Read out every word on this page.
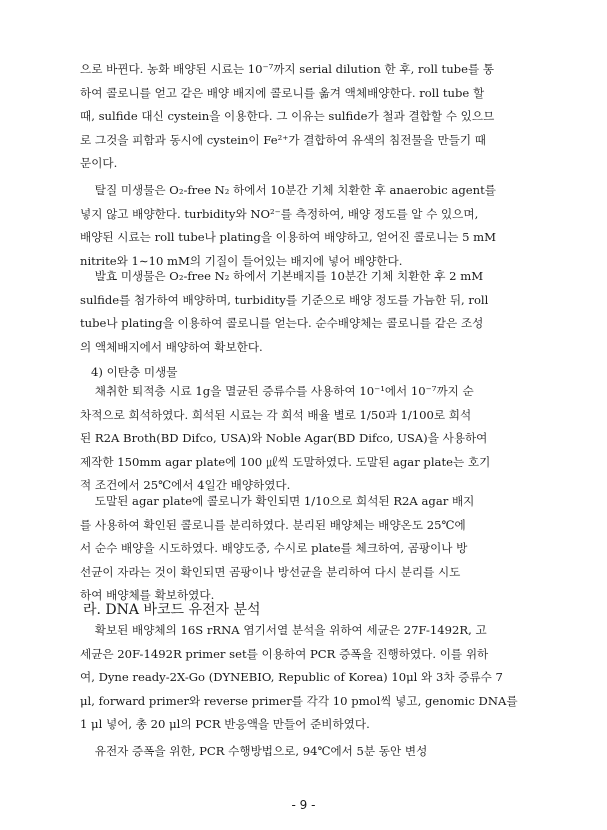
으로 바뀐다. 농화 배양된 시료는 10⁻⁷까지 serial dilution 한 후, roll tube를 통
하여 콜로니를 얻고 같은 배양 배지에 콜로니를 옮겨 액체배양한다. roll tube 할
때, sulfide 대신 cystein을 이용한다. 그 이유는 sulfide가 철과 결합할 수 있으므
로 그것을 피함과 동시에 cystein이 Fe²⁺가 결합하여 유색의 침전물을 만들기 때
문이다.
탈질 미생물은 O₂-free N₂ 하에서 10분간 기체 치환한 후 anaerobic agent를
넣지 않고 배양한다. turbidity와 NO²⁻를 측정하여, 배양 정도를 알 수 있으며,
배양된 시료는 roll tube나 plating을 이용하여 배양하고, 얻어진 콜로니는 5 mM
nitrite와 1∼10 mM의 기질이 들어있는 배지에 넣어 배양한다.
발효 미생물은 O₂-free N₂ 하에서 기본배지를 10분간 기체 치환한 후 2 mM
sulfide를 첨가하여 배양하며, turbidity를 기준으로 배양 정도를 가늠한 뒤, roll
tube나 plating을 이용하여 콜로니를 얻는다. 순수배양체는 콜로니를 같은 조성
의 액체배지에서 배양하여 확보한다.
4) 이탄층 미생물
채취한 퇴적층 시료 1g을 멸균된 증류수를 사용하여 10⁻¹에서 10⁻⁷까지 순
차적으로 희석하였다. 희석된 시료는 각 희석 배율 별로 1/50과 1/100로 희석
된 R2A Broth(BD Difco, USA)와 Noble Agar(BD Difco, USA)을 사용하여
제작한 150mm agar plate에 100 ㎕씩 도말하였다. 도말된 agar plate는 호기
적 조건에서 25℃에서 4일간 배양하였다.
도말된 agar plate에 콜로니가 확인되면 1/10으로 희석된 R2A agar 배지
를 사용하여 확인된 콜로니를 분리하였다. 분리된 배양체는 배양온도 25℃에
서 순수 배양을 시도하였다. 배양도중, 수시로 plate를 체크하여, 곰팡이나 방
선균이 자라는 것이 확인되면 곰팡이나 방선균을 분리하여 다시 분리를 시도
하여 배양체를 확보하였다.
라. DNA 바코드 유전자 분석
확보된 배양체의 16S rRNA 염기서열 분석을 위하여 세균은 27F-1492R, 고
세균은 20F-1492R primer set를 이용하여 PCR 증폭을 진행하였다. 이를 위하
여, Dyne ready-2X-Go (DYNEBIO, Republic of Korea) 10μl 와 3차 증류수 7
μl, forward primer와 reverse primer를 각각 10 pmol씩 넣고, genomic DNA를
1 μl 넣어, 총 20 μl의 PCR 반응액을 만들어 준비하였다.
유전자 증폭을 위한, PCR 수행방법으로, 94℃에서 5분 동안 변성
- 9 -
